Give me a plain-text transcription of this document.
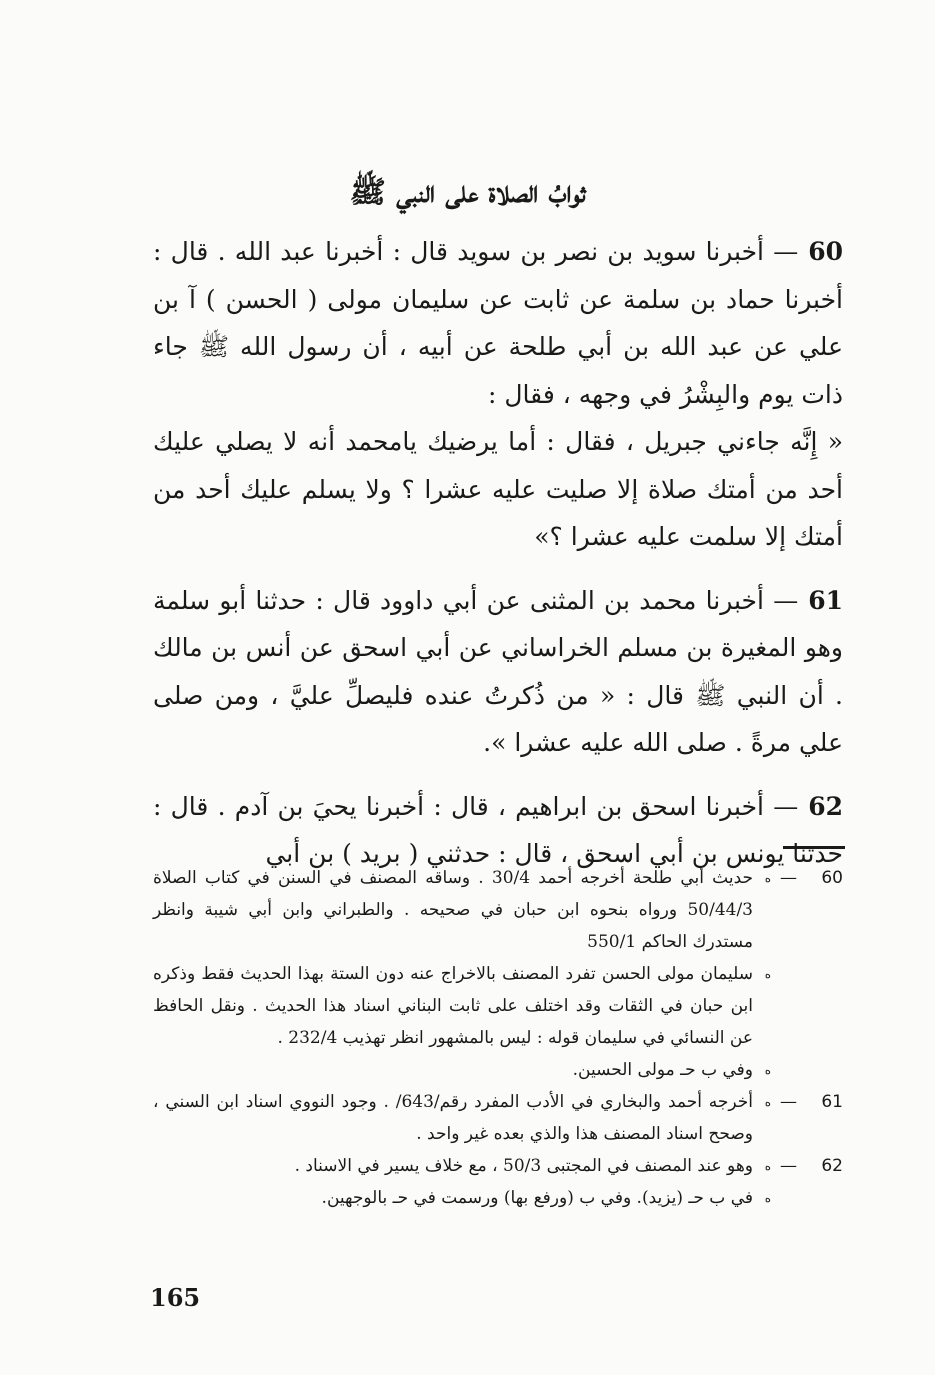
ثوابُ الصلاة على النبي ﷺ

60— أخبرنا سويد بن نصر بن سويد قال : أخبرنا عبد الله . قال : أخبرنا حماد بن سلمة عن ثابت عن سليمان مولى ( الحسن ) آ بن علي عن عبد الله بن أبي طلحة عن أبيه ، أن رسول الله ﷺ جاء ذات يوم والبِشْرُ في وجهه ، فقال :

« إِنَّه جاءني جبريل ، فقال : أما يرضيك يامحمد أنه لا يصلي عليك أحد من أمتك صلاة إلا صليت عليه عشرا ؟ ولا يسلم عليك أحد من أمتك إلا سلمت عليه عشرا ؟»

61— أخبرنا محمد بن المثنى عن أبي داوود قال : حدثنا أبو سلمة وهو المغيرة بن مسلم الخراساني عن أبي اسحق عن أنس بن مالك . أن النبي ﷺ قال : « من ذُكرتُ عنده فليصلِّ عليَّ ، ومن صلى علي مرةً . صلى الله عليه عشرا ».

62— أخبرنا اسحق بن ابراهيم ، قال : أخبرنا يحيَ بن آدم . قال : حدثنا يونس بن أبي اسحق ، قال : حدثني ( بريد ) بن أبي

60
—
ه
حديث أبي طلحة أخرجه أحمد 30/4 . وساقه المصنف في السنن في كتاب الصلاة 50/44/3 ورواه بنحوه ابن حبان في صحيحه . والطبراني وابن أبي شيبة وانظر مستدرك الحاكم 550/1
ه
سليمان مولى الحسن تفرد المصنف بالاخراج عنه دون الستة بهذا الحديث فقط وذكره ابن حبان في الثقات وقد اختلف على ثابت البناني اسناد هذا الحديث . ونقل الحافظ عن النسائي في سليمان قوله : ليس بالمشهور انظر تهذيب 232/4 .
ه
وفي ب حـ مولى الحسين.
61
—
ه
أخرجه أحمد والبخاري في الأدب المفرد رقم/643/ . وجود النووي اسناد ابن السني ، وصحح اسناد المصنف هذا والذي بعده غير واحد .
62
—
ه
وهو عند المصنف في المجتبى 50/3 ، مع خلاف يسير في الاسناد .
ه
في ب حـ (يزيد). وفي ب (ورفع بها) ورسمت في حـ بالوجهين.
165
